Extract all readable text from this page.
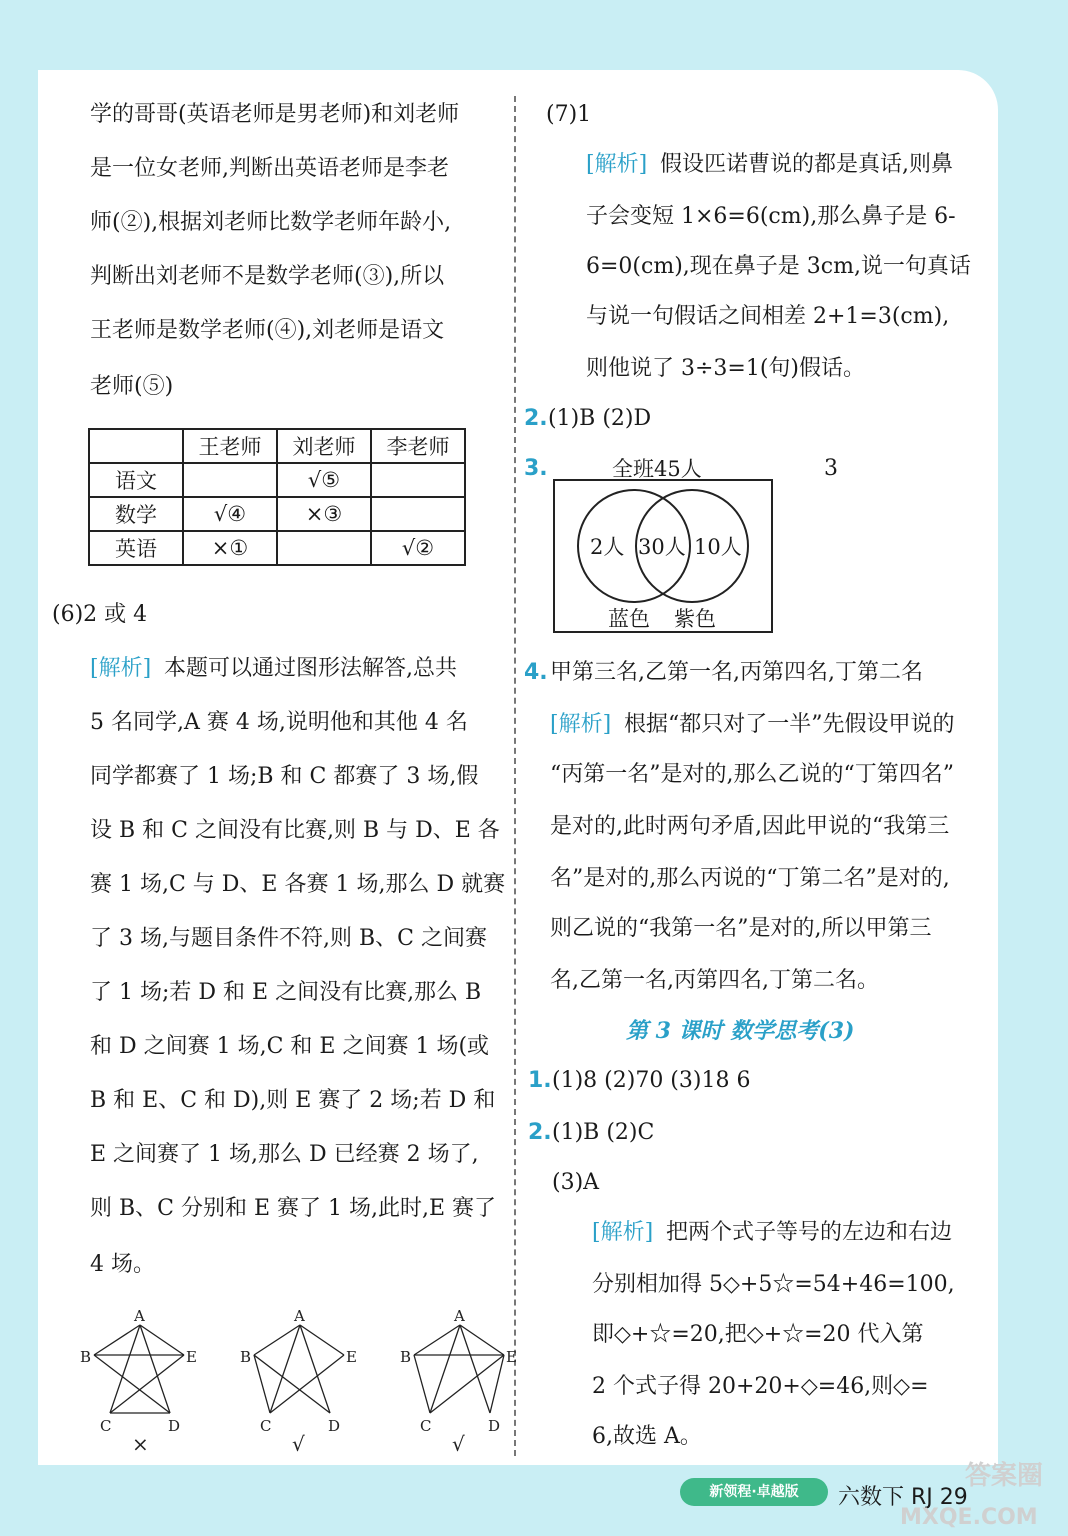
学的哥哥(英语老师是男老师)和刘老师
是一位女老师,判断出英语老师是李老
师(②),根据刘老师比数学老师年龄小,
判断出刘老师不是数学老师(③),所以
王老师是数学老师(④),刘老师是语文
老师(⑤)
	王老师	刘老师	李老师
语文		√⑤	
数学	√④	×③	
英语	×①		√②
(6)2 或 4
[解析] 本题可以通过图形法解答,总共
5 名同学,A 赛 4 场,说明他和其他 4 名
同学都赛了 1 场;B 和 C 都赛了 3 场,假
设 B 和 C 之间没有比赛,则 B 与 D、E 各
赛 1 场,C 与 D、E 各赛 1 场,那么 D 就赛
了 3 场,与题目条件不符,则 B、C 之间赛
了 1 场;若 D 和 E 之间没有比赛,那么 B
和 D 之间赛 1 场,C 和 E 之间赛 1 场(或
B 和 E、C 和 D),则 E 赛了 2 场;若 D 和
E 之间赛了 1 场,那么 D 已经赛 2 场了,
则 B、C 分别和 E 赛了 1 场,此时,E 赛了
4 场。
A
B
C	D
E
×
A
B
C	D
E
√
A
B
C	D
E
√
(7)1
[解析] 假设匹诺曹说的都是真话,则鼻
子会变短 1×6=6(cm),那么鼻子是 6-
6=0(cm),现在鼻子是 3cm,说一句真话
与说一句假话之间相差 2+1=3(cm),
则他说了 3÷3=1(句)假话。
2. (1)B (2)D
3.	3
全班45人
2人 30人 10人
蓝色 紫色
4. 甲第三名,乙第一名,丙第四名,丁第二名
[解析] 根据“都只对了一半”先假设甲说的
“丙第一名”是对的,那么乙说的“丁第四名”
是对的,此时两句矛盾,因此甲说的“我第三
名”是对的,那么丙说的“丁第二名”是对的,
则乙说的“我第一名”是对的,所以甲第三
名,乙第一名,丙第四名,丁第二名。
第 3 课时 数学思考(3)
1. (1)8 (2)70 (3)18 6
2. (1)B (2)C
(3)A
[解析] 把两个式子等号的左边和右边
分别相加得 5◇+5☆=54+46=100,
即◇+☆=20,把◇+☆=20 代入第
2 个式子得 20+20+◇=46,则◇=
6,故选 A。
新领程·卓越版	六数下 RJ 29
答案圈
MXQE.COM
